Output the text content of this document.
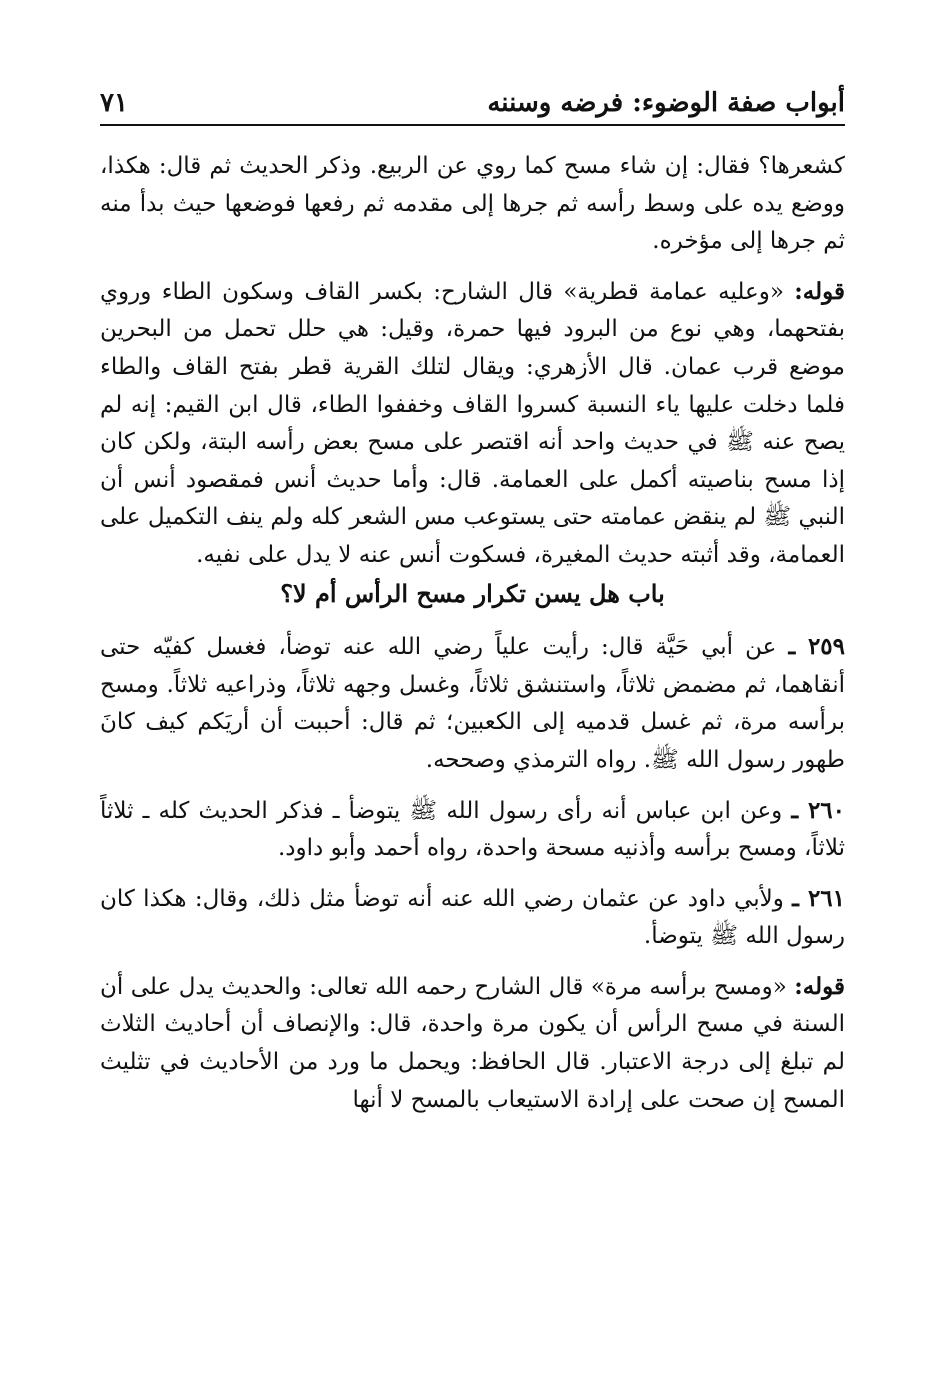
أبواب صفة الوضوء: فرضه وسننه
٧١

كشعرها؟ فقال: إن شاء مسح كما روي عن الربيع. وذكر الحديث ثم قال: هكذا، ووضع يده على وسط رأسه ثم جرها إلى مقدمه ثم رفعها فوضعها حيث بدأ منه ثم جرها إلى مؤخره.

قوله: «وعليه عمامة قطرية» قال الشارح: بكسر القاف وسكون الطاء وروي بفتحهما، وهي نوع من البرود فيها حمرة، وقيل: هي حلل تحمل من البحرين موضع قرب عمان. قال الأزهري: ويقال لتلك القرية قطر بفتح القاف والطاء فلما دخلت عليها ياء النسبة كسروا القاف وخففوا الطاء، قال ابن القيم: إنه لم يصح عنه ﷺ في حديث واحد أنه اقتصر على مسح بعض رأسه البتة، ولكن كان إذا مسح بناصيته أكمل على العمامة. قال: وأما حديث أنس فمقصود أنس أن النبي ﷺ لم ينقض عمامته حتى يستوعب مس الشعر كله ولم ينف التكميل على العمامة، وقد أثبته حديث المغيرة، فسكوت أنس عنه لا يدل على نفيه.

باب هل يسن تكرار مسح الرأس أم لا؟

٢٥٩ ـ عن أبي حَيَّة قال: رأيت علياً رضي الله عنه توضأ، فغسل كفيّه حتى أنقاهما، ثم مضمض ثلاثاً، واستنشق ثلاثاً، وغسل وجهه ثلاثاً، وذراعيه ثلاثاً. ومسح برأسه مرة، ثم غسل قدميه إلى الكعبين؛ ثم قال: أحببت أن أريَكم كيف كانَ طهور رسول الله ﷺ. رواه الترمذي وصححه.

٢٦٠ ـ وعن ابن عباس أنه رأى رسول الله ﷺ يتوضأ ـ فذكر الحديث كله ـ ثلاثاً ثلاثاً، ومسح برأسه وأذنيه مسحة واحدة، رواه أحمد وأبو داود.

٢٦١ ـ ولأبي داود عن عثمان رضي الله عنه أنه توضأ مثل ذلك، وقال: هكذا كان رسول الله ﷺ يتوضأ.

قوله: «ومسح برأسه مرة» قال الشارح رحمه الله تعالى: والحديث يدل على أن السنة في مسح الرأس أن يكون مرة واحدة، قال: والإنصاف أن أحاديث الثلاث لم تبلغ إلى درجة الاعتبار. قال الحافظ: ويحمل ما ورد من الأحاديث في تثليث المسح إن صحت على إرادة الاستيعاب بالمسح لا أنها
